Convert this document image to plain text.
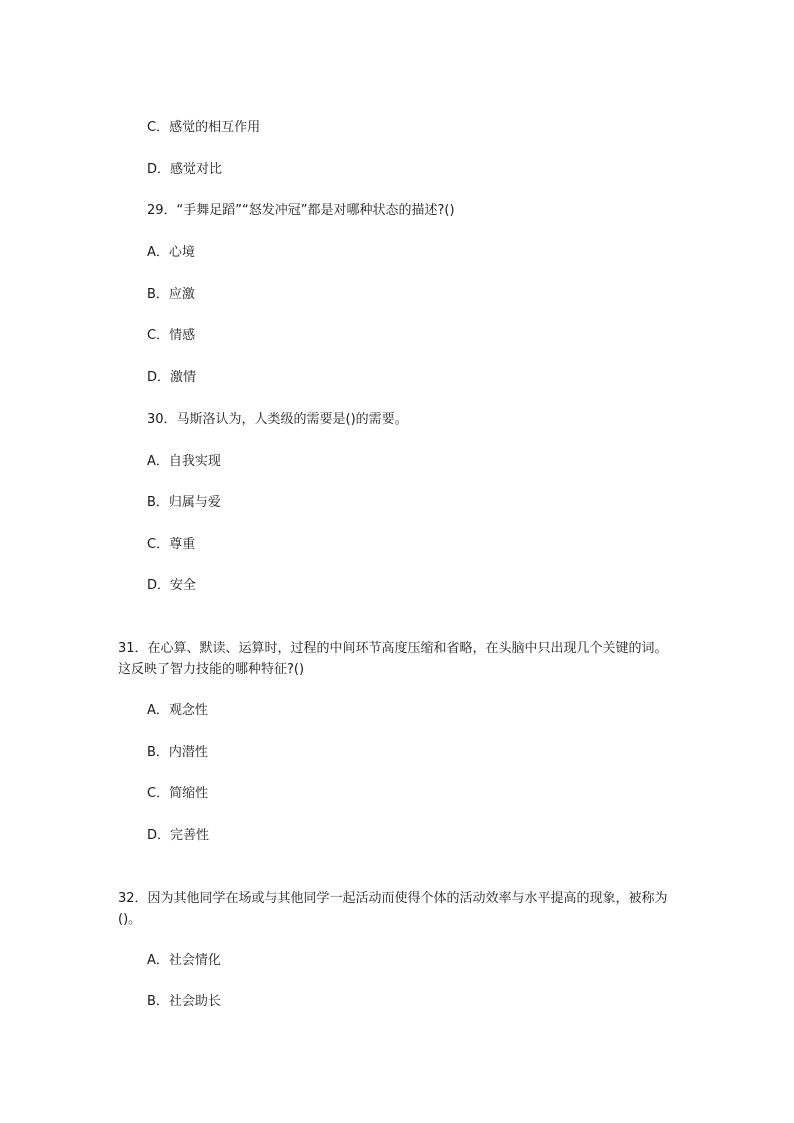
C．感觉的相互作用
D．感觉对比
29．“手舞足蹈”“怒发冲冠”都是对哪种状态的描述?()
A．心境
B．应激
C．情感
D．激情
30．马斯洛认为，人类级的需要是()的需要。
A．自我实现
B．归属与爱
C．尊重
D．安全
31．在心算、默读、运算时，过程的中间环节高度压缩和省略，在头脑中只出现几个关键的词。这反映了智力技能的哪种特征?()
A．观念性
B．内潜性
C．简缩性
D．完善性
32．因为其他同学在场或与其他同学一起活动而使得个体的活动效率与水平提高的现象，被称为()。
A．社会情化
B．社会助长
